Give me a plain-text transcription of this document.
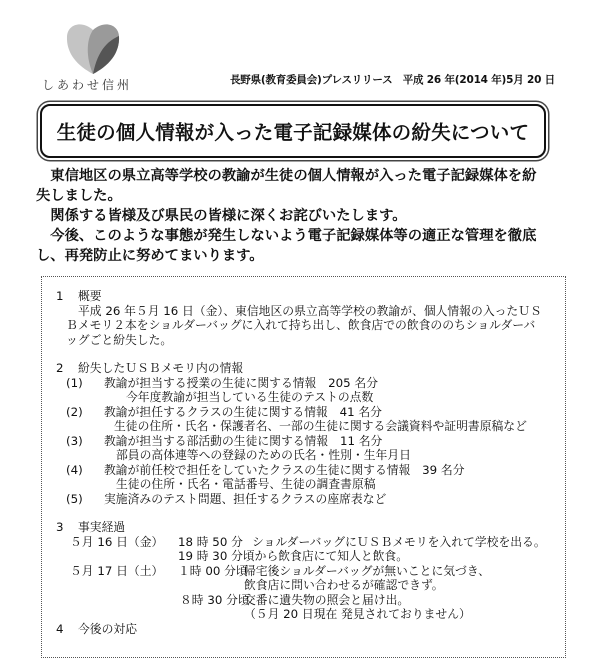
しあわせ信州	長野県(教育委員会)プレスリリース　平成 26 年(2014 年)5月 20 日
生徒の個人情報が入った電子記録媒体の紛失について

東信地区の県立高等学校の教諭が生徒の個人情報が入った電子記録媒体を紛

失しました。

関係する皆様及び県民の皆様に深くお詫びいたします。

今後、このような事態が発生しないよう電子記録媒体等の適正な管理を徹底

し、再発防止に努めてまいります。

1 概要
平成 26 年５月 16 日（金）、東信地区の県立高等学校の教諭が、個人情報の入ったＵＳ
Ｂメモリ２本をショルダーバッグに入れて持ち出し、飲食店での飲食ののちショルダーバ
ッグごと紛失した。
2 紛失したＵＳＢメモリ内の情報
(1) 教諭が担当する授業の生徒に関する情報　205 名分
今年度教諭が担当している生徒のテストの点数
(2) 教諭が担任するクラスの生徒に関する情報　41 名分
生徒の住所・氏名・保護者名、一部の生徒に関する会議資料や証明書原稿など
(3) 教諭が担当する部活動の生徒に関する情報　11 名分
部員の高体連等への登録のための氏名・性別・生年月日
(4) 教諭が前任校で担任をしていたクラスの生徒に関する情報　39 名分
生徒の住所・氏名・電話番号、生徒の調査書原稿
(5) 実施済みのテスト問題、担任するクラスの座席表など
3 事実経過
５月 16 日（金） 18 時 50 分 ショルダーバッグにＵＳＢメモリを入れて学校を出る。
19 時 30 分頃から飲食店にて知人と飲食。
５月 17 日（土） １時 00 分頃
帰宅後ショルダーバッグが無いことに気づき、
飲食店に問い合わせるが確認できず。
８時 30 分頃
交番に遺失物の照会と届け出。
（５月 20 日現在 発見されておりません）
4 今後の対応
